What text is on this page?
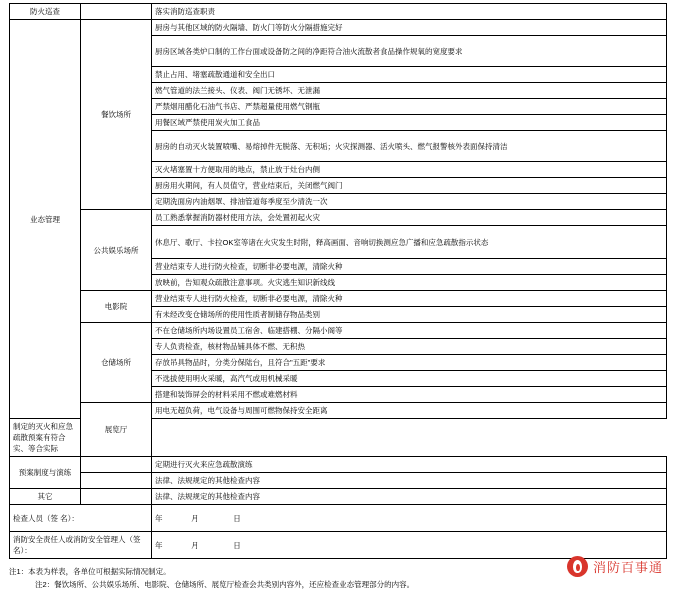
防火巡查		落实消防巡查职责
业态管理	餐饮场所	厨房与其他区域的防火隔墙、防火门等防火分隔措施完好
		厨房区域各类炉口制的工作台面或设备防之间的净距符合油火流散者食品操作规氧的宽度要求
		禁止占用、堵塞疏散通道和安全出口
		燃气管道的法兰接头、仪表、阀门无锈坏、无泄漏
		严禁烟用醋化石油气书店、严禁超量使用燃气钢瓶
		用餐区域严禁使用炭火加工食品
		厨房的自动灭火装置喷嘴、易熔掉件无脱落、无积垢；火灾探测器、活火喷头、燃气报警核外表面保持清洁
		灭火堵塞置十方便取用的地点，禁止放于灶台内侧
		厨房用火期间，有人员值守，营业结束后，关闭燃气阀门
		定期洗面房内油烟罩、排油管道每季度至少清洗一次
	公共娱乐场所	员工熟悉掌握消防器材使用方法，会处置初起火灾
		休息厅、歌厅、卡拉OK室等诸在火灾发生时附，释高画面、音响切换测应急广播和应急疏散指示状态
		营业结束专人进行防火检查，切断非必要电源，清除火种
		放映前，告知观众疏散注意事项。火灾逃生知识新线线
	电影院	营业结束专人进行防火检查，切断非必要电源，清除火种
		有未经改变仓储场所的使用性质者制储存物品类别
	仓储场所	不在仓储场所内场设置员工宿舍、临建搭棚、分隔小阁等
		专人负责检查，核材物品铺具体不燃、无积热
		存放吊具物品时，分类分保陆台，且符合"五距"要求
		不选拔使用明火采暖，高汽气或用机械采暖
		搭建和装饰屏会的材料采用不燃或难燃材料
	展览厅	用电无超负荷，电气设备与周围可燃物保持安全距离
制定的灭火和应急疏散预案有符合实、等合实际		
预案制度与演练		定期进行灭火来应急疏散演练
		法律、法规规定的其他检查内容
其它		法律、法规规定的其他检查内容
检查人员（签 名）：		年 月 日
消防安全责任人或消防安全管理人（签 名）：		年 月 日
注1：本表为样表，各单位可根据实际情况制定。
注2：餐饮场所、公共娱乐场所、电影院、仓储场所、展览厅检查会共类别内容外，还应检查业态管理部分的内容。
消防百事通
